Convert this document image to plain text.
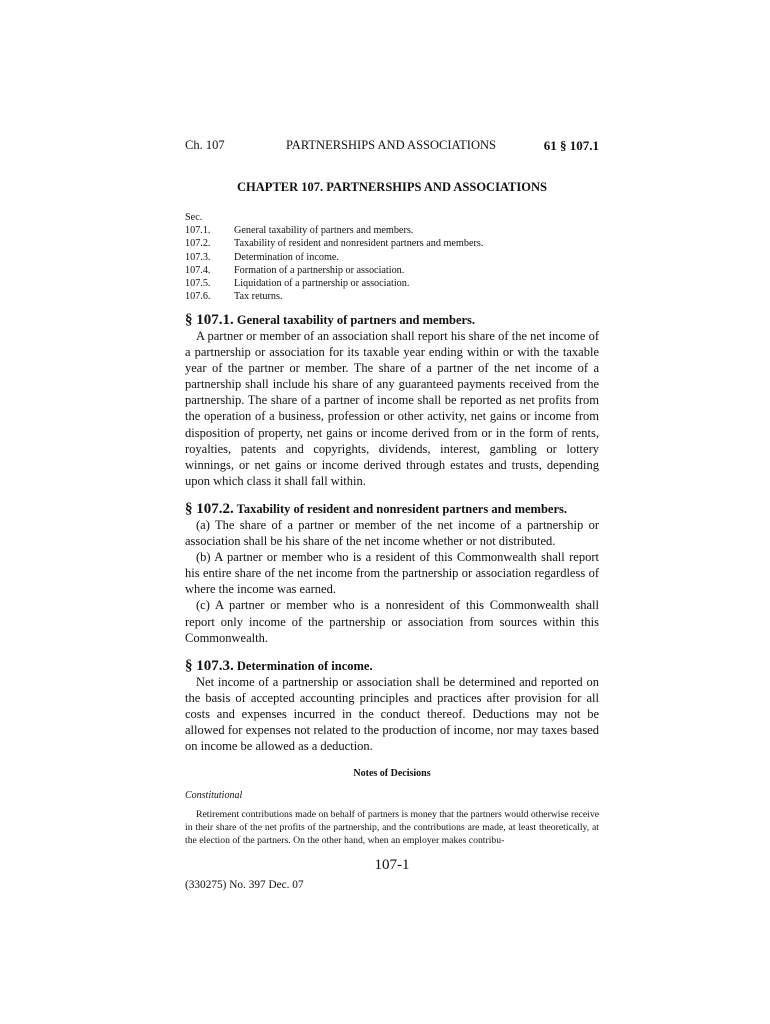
Ch. 107	PARTNERSHIPS AND ASSOCIATIONS	61 § 107.1
CHAPTER 107. PARTNERSHIPS AND ASSOCIATIONS
Sec.
107.1.	General taxability of partners and members.
107.2.	Taxability of resident and nonresident partners and members.
107.3.	Determination of income.
107.4.	Formation of a partnership or association.
107.5.	Liquidation of a partnership or association.
107.6.	Tax returns.
§ 107.1. General taxability of partners and members.

A partner or member of an association shall report his share of the net income of a partnership or association for its taxable year ending within or with the taxable year of the partner or member. The share of a partner of the net income of a partnership shall include his share of any guaranteed payments received from the partnership. The share of a partner of income shall be reported as net profits from the operation of a business, profession or other activity, net gains or income from disposition of property, net gains or income derived from or in the form of rents, royalties, patents and copyrights, dividends, interest, gambling or lottery winnings, or net gains or income derived through estates and trusts, depending upon which class it shall fall within.

§ 107.2. Taxability of resident and nonresident partners and members.

(a) The share of a partner or member of the net income of a partnership or association shall be his share of the net income whether or not distributed.

(b) A partner or member who is a resident of this Commonwealth shall report his entire share of the net income from the partnership or association regardless of where the income was earned.

(c) A partner or member who is a nonresident of this Commonwealth shall report only income of the partnership or association from sources within this Commonwealth.

§ 107.3. Determination of income.

Net income of a partnership or association shall be determined and reported on the basis of accepted accounting principles and practices after provision for all costs and expenses incurred in the conduct thereof. Deductions may not be allowed for expenses not related to the production of income, nor may taxes based on income be allowed as a deduction.

Notes of Decisions
Constitutional

Retirement contributions made on behalf of partners is money that the partners would otherwise receive in their share of the net profits of the partnership, and the contributions are made, at least theoretically, at the election of the partners. On the other hand, when an employer makes contribu-

107-1
(330275) No. 397 Dec. 07
